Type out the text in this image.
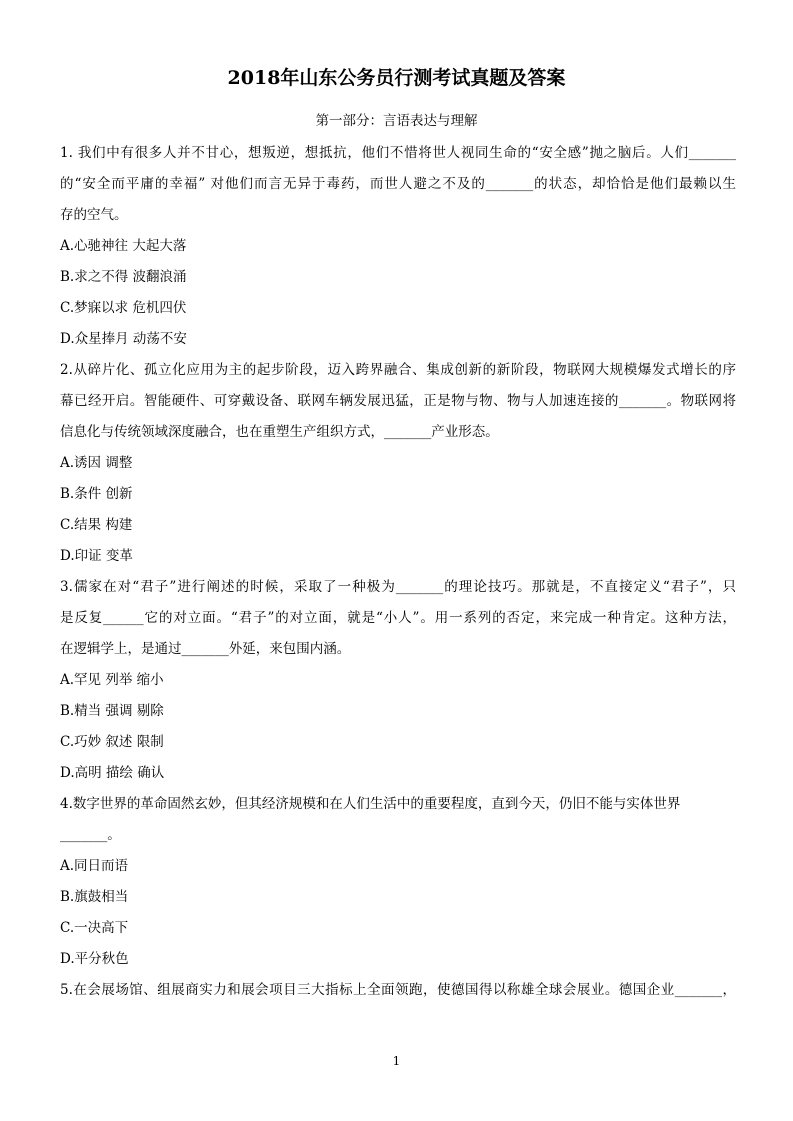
2018年山东公务员行测考试真题及答案
第一部分：言语表达与理解
1. 我们中有很多人并不甘心，想叛逆，想抵抗，他们不惜将世人视同生命的“安全感”抛之脑后。人们_______
的“安全而平庸的幸福” 对他们而言无异于毒药，而世人避之不及的_______的状态，却恰恰是他们最赖以生
存的空气。
A.心驰神往 大起大落
B.求之不得 波翻浪涌
C.梦寐以求 危机四伏
D.众星捧月 动荡不安
2.从碎片化、孤立化应用为主的起步阶段，迈入跨界融合、集成创新的新阶段，物联网大规模爆发式增长的序
幕已经开启。智能硬件、可穿戴设备、联网车辆发展迅猛，正是物与物、物与人加速连接的_______。物联网将
信息化与传统领域深度融合，也在重塑生产组织方式，_______产业形态。
A.诱因 调整
B.条件 创新
C.结果 构建
D.印证 变革
3.儒家在对“君子”进行阐述的时候，采取了一种极为_______的理论技巧。那就是，不直接定义“君子”，只
是反复______它的对立面。“君子”的对立面，就是“小人”。用一系列的否定，来完成一种肯定。这种方法，
在逻辑学上，是通过_______外延，来包围内涵。
A.罕见 列举 缩小
B.精当 强调 剔除
C.巧妙 叙述 限制
D.高明 描绘 确认
4.数字世界的革命固然玄妙，但其经济规模和在人们生活中的重要程度，直到今天，仍旧不能与实体世界
_______。
A.同日而语
B.旗鼓相当
C.一决高下
D.平分秋色
5.在会展场馆、组展商实力和展会项目三大指标上全面领跑，使德国得以称雄全球会展业。德国企业_______，
1
